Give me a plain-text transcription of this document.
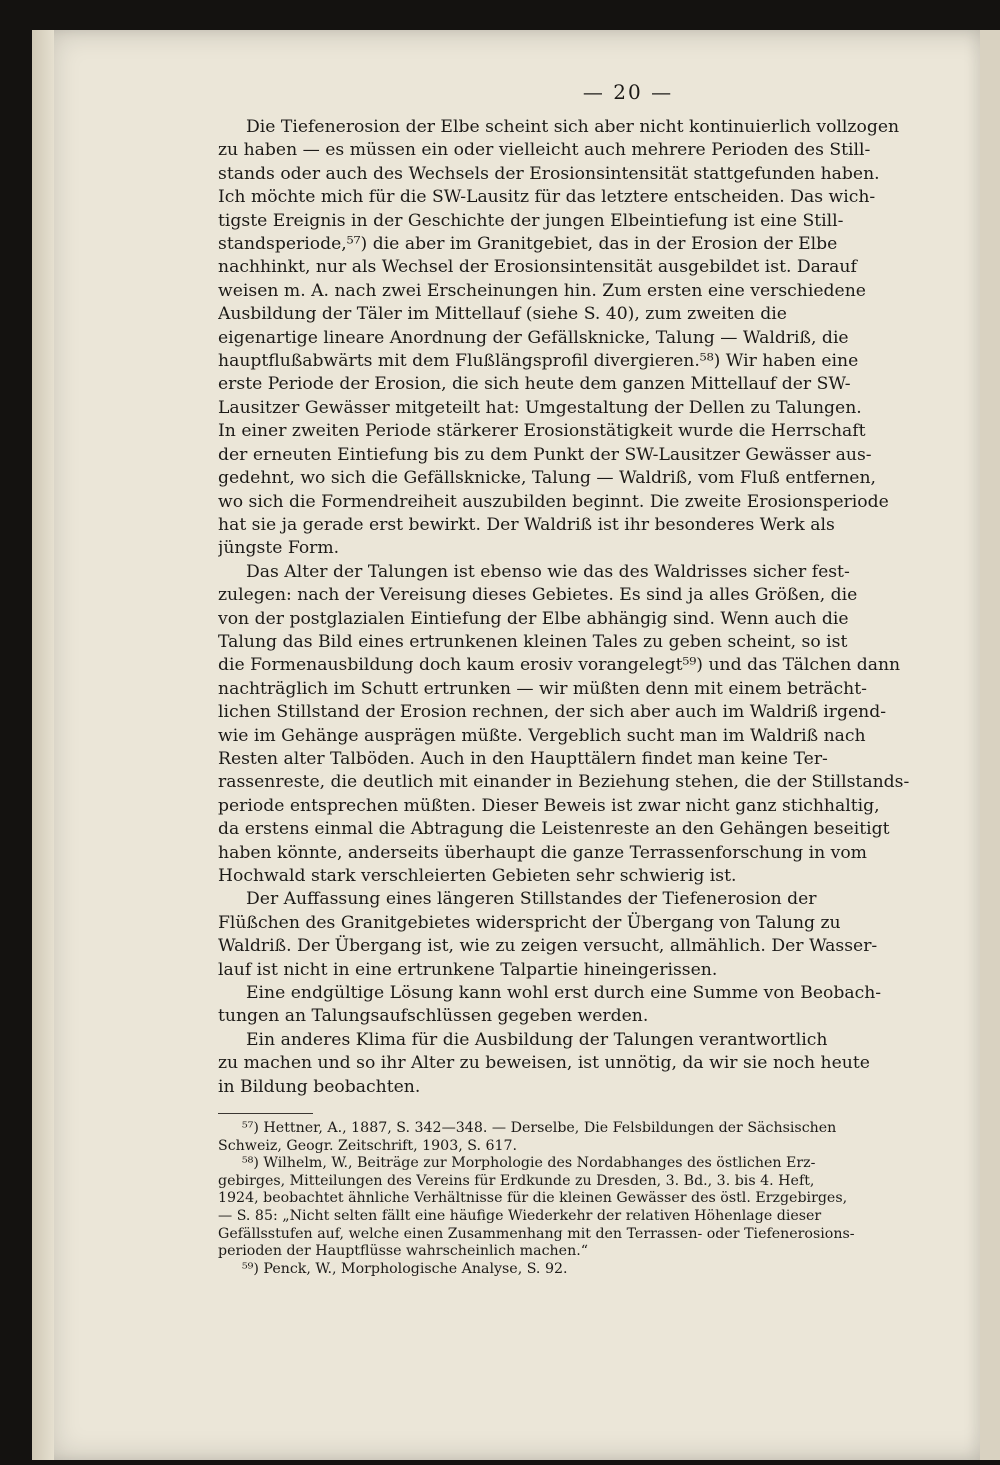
— 20 —
Die Tiefenerosion der Elbe scheint sich aber nicht kontinuierlich vollzogen
zu haben — es müssen ein oder vielleicht auch mehrere Perioden des Still-
stands oder auch des Wechsels der Erosionsintensität stattgefunden haben.
Ich möchte mich für die SW-Lausitz für das letztere entscheiden. Das wich-
tigste Ereignis in der Geschichte der jungen Elbeintiefung ist eine Still-
standsperiode,⁵⁷) die aber im Granitgebiet, das in der Erosion der Elbe
nachhinkt, nur als Wechsel der Erosionsintensität ausgebildet ist. Darauf
weisen m. A. nach zwei Erscheinungen hin. Zum ersten eine verschiedene
Ausbildung der Täler im Mittellauf (siehe S. 40), zum zweiten die
eigenartige lineare Anordnung der Gefällsknicke, Talung — Waldriß, die
hauptflußabwärts mit dem Flußlängsprofil divergieren.⁵⁸) Wir haben eine
erste Periode der Erosion, die sich heute dem ganzen Mittellauf der SW-
Lausitzer Gewässer mitgeteilt hat: Umgestaltung der Dellen zu Talungen.
In einer zweiten Periode stärkerer Erosionstätigkeit wurde die Herrschaft
der erneuten Eintiefung bis zu dem Punkt der SW-Lausitzer Gewässer aus-
gedehnt, wo sich die Gefällsknicke, Talung — Waldriß, vom Fluß entfernen,
wo sich die Formendreiheit auszubilden beginnt. Die zweite Erosionsperiode
hat sie ja gerade erst bewirkt. Der Waldriß ist ihr besonderes Werk als
jüngste Form.
Das Alter der Talungen ist ebenso wie das des Waldrisses sicher fest-
zulegen: nach der Vereisung dieses Gebietes. Es sind ja alles Größen, die
von der postglazialen Eintiefung der Elbe abhängig sind. Wenn auch die
Talung das Bild eines ertrunkenen kleinen Tales zu geben scheint, so ist
die Formenausbildung doch kaum erosiv vorangelegt⁵⁹) und das Tälchen dann
nachträglich im Schutt ertrunken — wir müßten denn mit einem beträcht-
lichen Stillstand der Erosion rechnen, der sich aber auch im Waldriß irgend-
wie im Gehänge ausprägen müßte. Vergeblich sucht man im Waldriß nach
Resten alter Talböden. Auch in den Haupttälern findet man keine Ter-
rassenreste, die deutlich mit einander in Beziehung stehen, die der Stillstands-
periode entsprechen müßten. Dieser Beweis ist zwar nicht ganz stichhaltig,
da erstens einmal die Abtragung die Leistenreste an den Gehängen beseitigt
haben könnte, anderseits überhaupt die ganze Terrassenforschung in vom
Hochwald stark verschleierten Gebieten sehr schwierig ist.
Der Auffassung eines längeren Stillstandes der Tiefenerosion der
Flüßchen des Granitgebietes widerspricht der Übergang von Talung zu
Waldriß. Der Übergang ist, wie zu zeigen versucht, allmählich. Der Wasser-
lauf ist nicht in eine ertrunkene Talpartie hineingerissen.
Eine endgültige Lösung kann wohl erst durch eine Summe von Beobach-
tungen an Talungsaufschlüssen gegeben werden.
Ein anderes Klima für die Ausbildung der Talungen verantwortlich
zu machen und so ihr Alter zu beweisen, ist unnötig, da wir sie noch heute
in Bildung beobachten.
⁵⁷) Hettner, A., 1887, S. 342—348. — Derselbe, Die Felsbildungen der Sächsischen
Schweiz, Geogr. Zeitschrift, 1903, S. 617.
⁵⁸) Wilhelm, W., Beiträge zur Morphologie des Nordabhanges des östlichen Erz-
gebirges, Mitteilungen des Vereins für Erdkunde zu Dresden, 3. Bd., 3. bis 4. Heft,
1924, beobachtet ähnliche Verhältnisse für die kleinen Gewässer des östl. Erzgebirges,
— S. 85: „Nicht selten fällt eine häufige Wiederkehr der relativen Höhenlage dieser
Gefällsstufen auf, welche einen Zusammenhang mit den Terrassen- oder Tiefenerosions-
perioden der Hauptflüsse wahrscheinlich machen.“
⁵⁹) Penck, W., Morphologische Analyse, S. 92.
